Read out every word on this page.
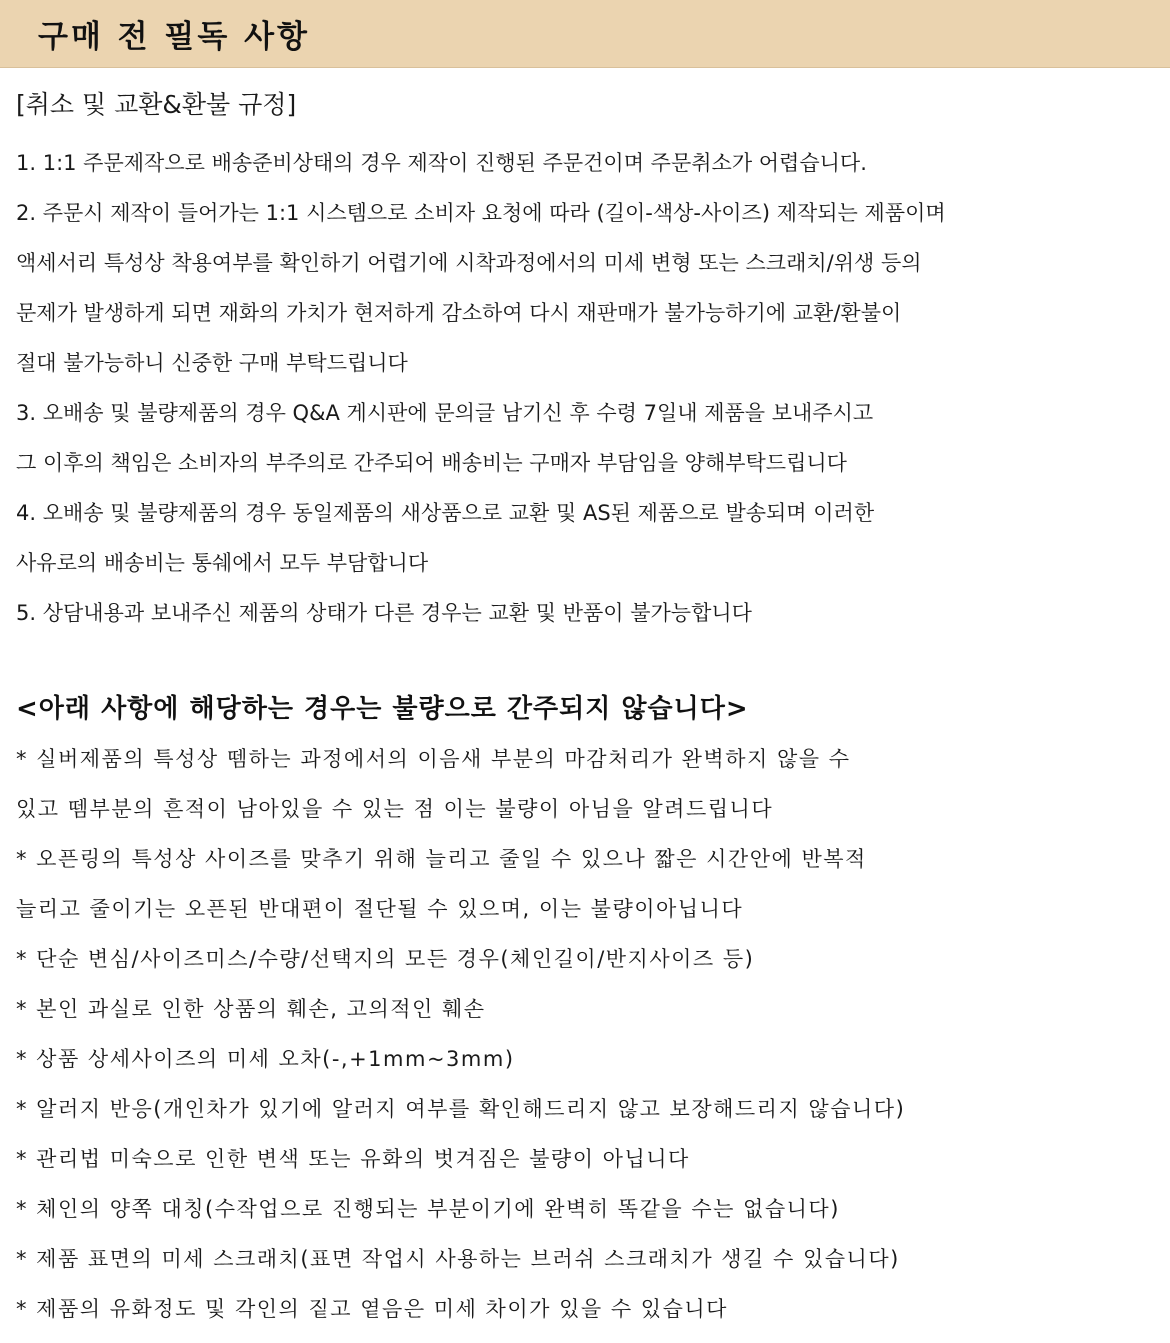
구매 전 필독 사항
[취소 및 교환&환불 규정]
1. 1:1 주문제작으로 배송준비상태의 경우 제작이 진행된 주문건이며 주문취소가 어렵습니다.
2. 주문시 제작이 들어가는 1:1 시스템으로 소비자 요청에 따라 (길이-색상-사이즈) 제작되는 제품이며
액세서리 특성상 착용여부를 확인하기 어렵기에 시착과정에서의 미세 변형 또는 스크래치/위생 등의
문제가 발생하게 되면 재화의 가치가 현저하게 감소하여 다시 재판매가 불가능하기에 교환/환불이
절대 불가능하니 신중한 구매 부탁드립니다
3. 오배송 및 불량제품의 경우 Q&A 게시판에 문의글 남기신 후 수령 7일내 제품을 보내주시고
그 이후의 책임은 소비자의 부주의로 간주되어 배송비는 구매자 부담임을 양해부탁드립니다
4. 오배송 및 불량제품의 경우 동일제품의 새상품으로 교환 및 AS된 제품으로 발송되며 이러한
사유로의 배송비는 통쉐에서 모두 부담합니다
5. 상담내용과 보내주신 제품의 상태가 다른 경우는 교환 및 반품이 불가능합니다
<아래 사항에 해당하는 경우는 불량으로 간주되지 않습니다>
* 실버제품의 특성상 뗌하는 과정에서의 이음새 부분의 마감처리가 완벽하지 않을 수
있고 뗌부분의 흔적이 남아있을 수 있는 점 이는 불량이 아님을 알려드립니다
* 오픈링의 특성상 사이즈를 맞추기 위해 늘리고 줄일 수 있으나 짧은 시간안에 반복적
늘리고 줄이기는 오픈된 반대편이 절단될 수 있으며, 이는 불량이아닙니다
* 단순 변심/사이즈미스/수량/선택지의 모든 경우(체인길이/반지사이즈 등)
* 본인 과실로 인한 상품의 훼손, 고의적인 훼손
* 상품 상세사이즈의 미세 오차(-,+1mm~3mm)
* 알러지 반응(개인차가 있기에 알러지 여부를 확인해드리지 않고 보장해드리지 않습니다)
* 관리법 미숙으로 인한 변색 또는 유화의 벗겨짐은 불량이 아닙니다
* 체인의 양쪽 대칭(수작업으로 진행되는 부분이기에 완벽히 똑같을 수는 없습니다)
* 제품 표면의 미세 스크래치(표면 작업시 사용하는 브러쉬 스크래치가 생길 수 있습니다)
* 제품의 유화정도 및 각인의 짙고 옅음은 미세 차이가 있을 수 있습니다
